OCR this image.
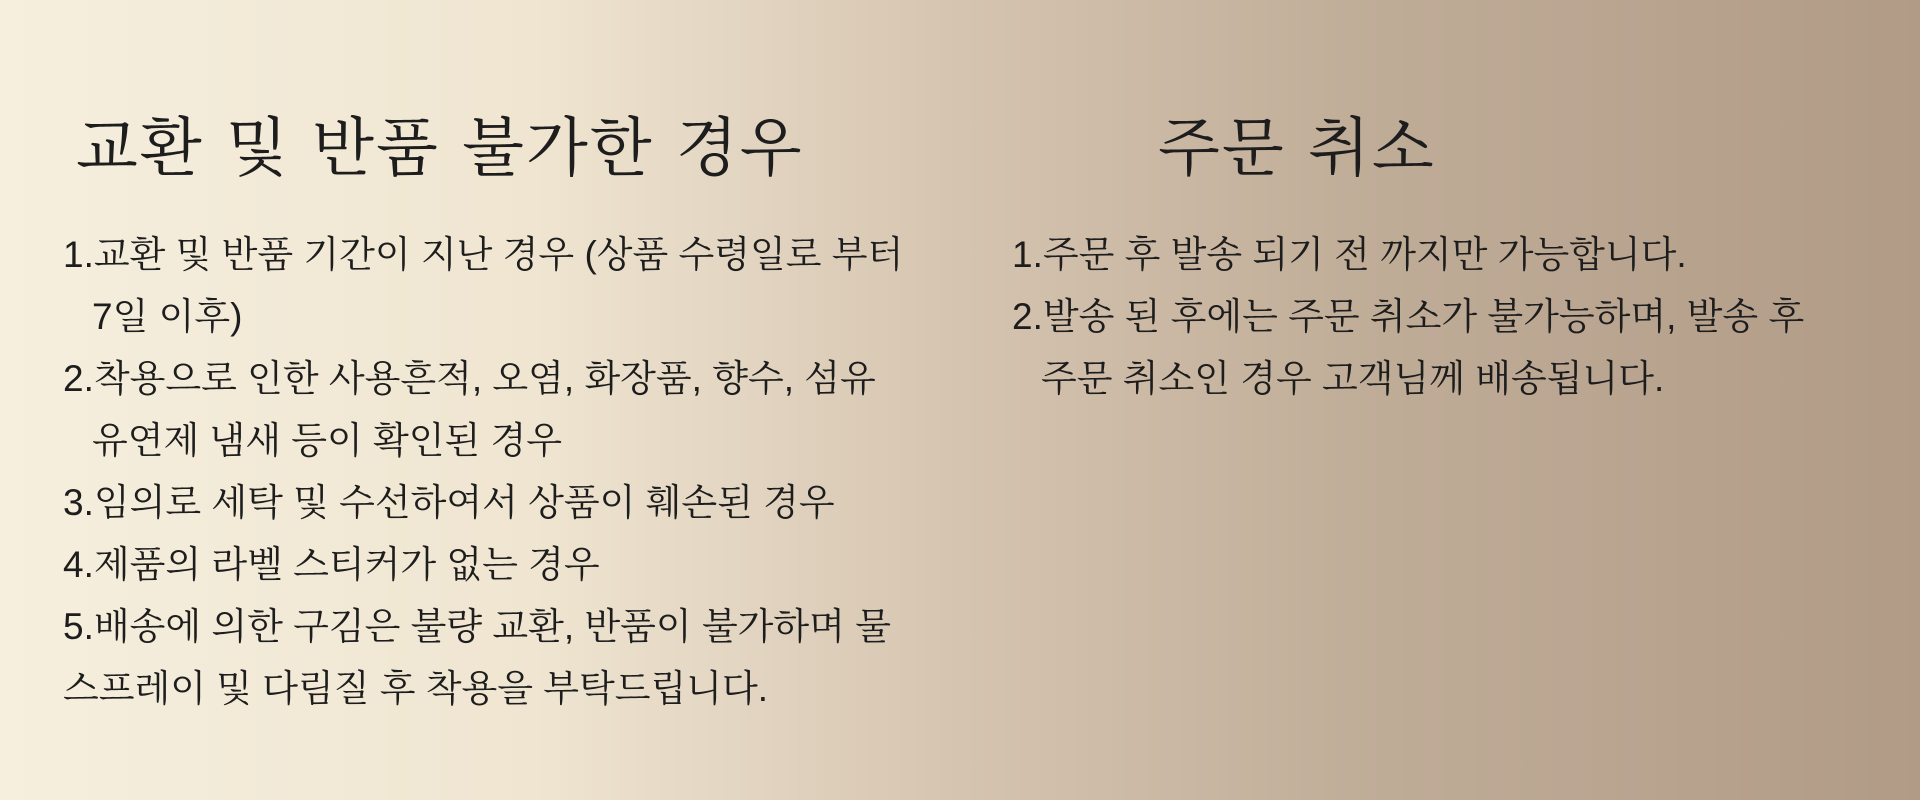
교환 및 반품 불가한 경우	주문 취소
1.교환 및 반품 기간이 지난 경우 (상품 수령일로 부터
7일 이후)
2.착용으로 인한 사용흔적, 오염, 화장품, 향수, 섬유
유연제 냄새 등이 확인된 경우
3.임의로 세탁 및 수선하여서 상품이 훼손된 경우
4.제품의 라벨 스티커가 없는 경우
5.배송에 의한 구김은 불량 교환, 반품이 불가하며 물
스프레이 및 다림질 후 착용을 부탁드립니다.
1.주문 후 발송 되기 전 까지만 가능합니다.
2.발송 된 후에는 주문 취소가 불가능하며, 발송 후
주문 취소인 경우 고객님께 배송됩니다.
